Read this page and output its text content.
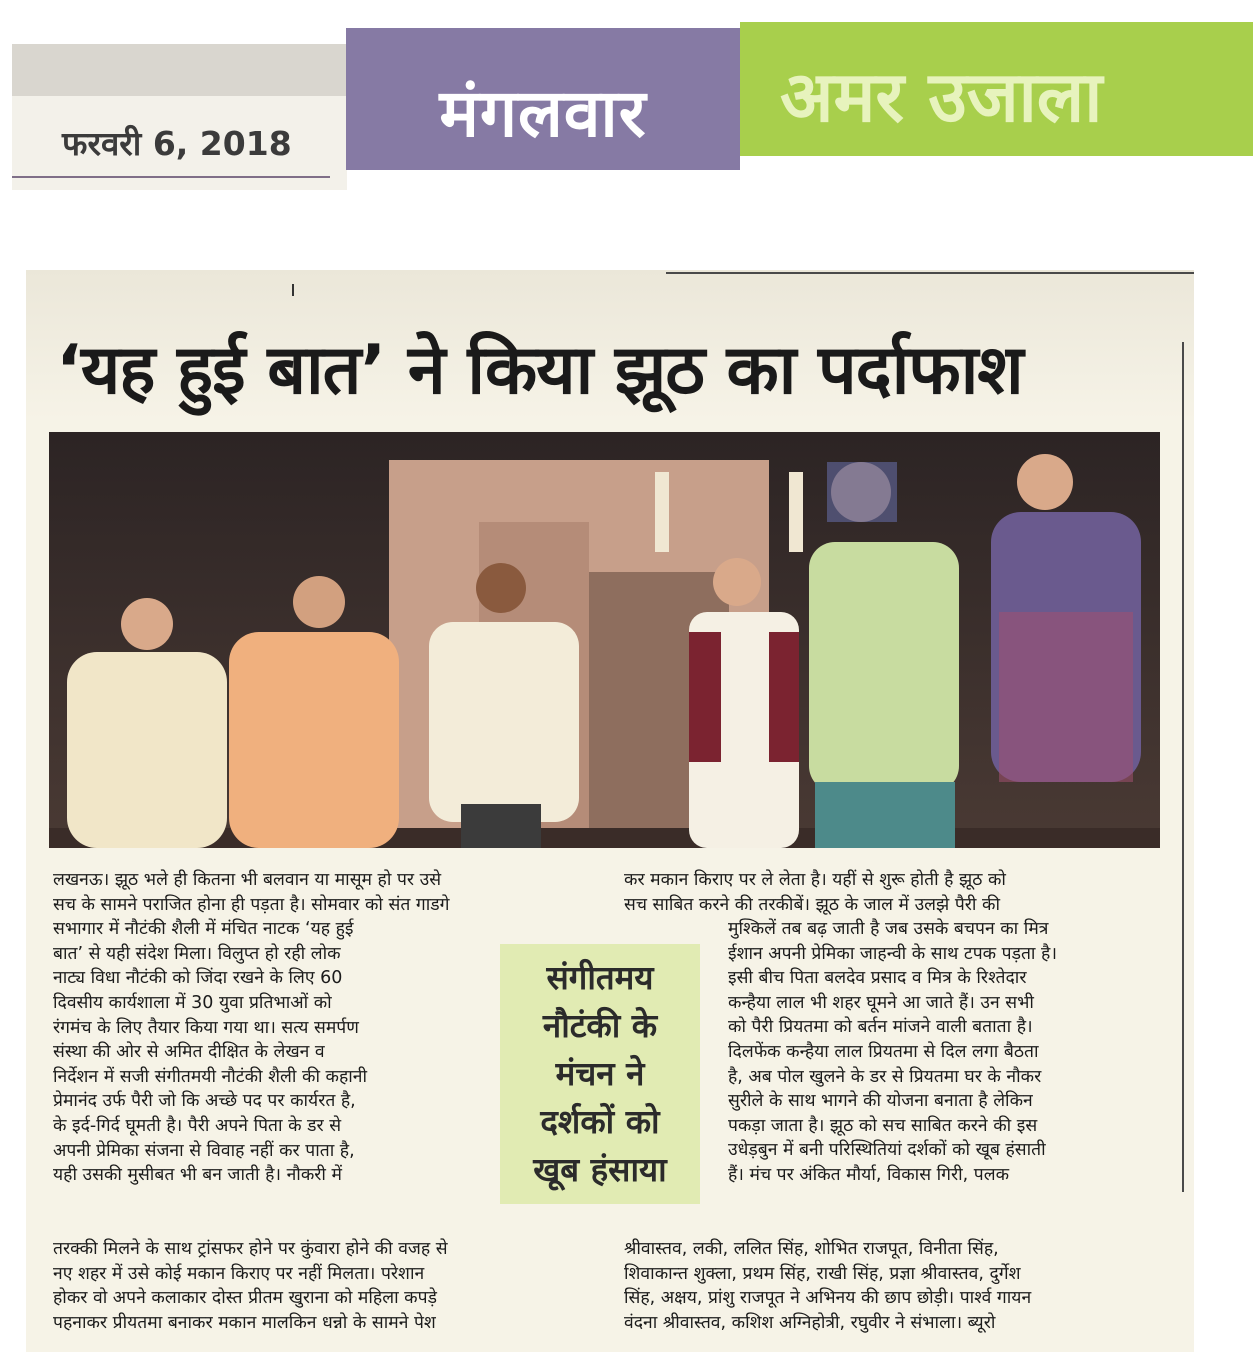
फरवरी 6, 2018	मंगलवार	अमर उजाला
‘यह हुई बात’ ने किया झूठ का पर्दाफाश
लखनऊ। झूठ भले ही कितना भी बलवान या मासूम हो पर उसे
सच के सामने पराजित होना ही पड़ता है। सोमवार को संत गाडगे
सभागार में नौटंकी शैली में मंचित नाटक ‘यह हुई
बात’ से यही संदेश मिला। विलुप्त हो रही लोक
नाट्य विधा नौटंकी को जिंदा रखने के लिए 60
दिवसीय कार्यशाला में 30 युवा प्रतिभाओं को
रंगमंच के लिए तैयार किया गया था। सत्य समर्पण
संस्था की ओर से अमित दीक्षित के लेखन व
निर्देशन में सजी संगीतमयी नौटंकी शैली की कहानी
प्रेमानंद उर्फ पैरी जो कि अच्छे पद पर कार्यरत है,
के इर्द-गिर्द घूमती है। पैरी अपने पिता के डर से
अपनी प्रेमिका संजना से विवाह नहीं कर पाता है,
यही उसकी मुसीबत भी बन जाती है। नौकरी में
तरक्की मिलने के साथ ट्रांसफर होने पर कुंवारा होने की वजह से
नए शहर में उसे कोई मकान किराए पर नहीं मिलता। परेशान
होकर वो अपने कलाकार दोस्त प्रीतम खुराना को महिला कपड़े
पहनाकर प्रीयतमा बनाकर मकान मालकिन धन्नो के सामने पेश
संगीतमय
नौटंकी के
मंचन ने
दर्शकों को
खूब हंसाया
कर मकान किराए पर ले लेता है। यहीं से शुरू होती है झूठ को
सच साबित करने की तरकीबें। झूठ के जाल में उलझे पैरी की
मुश्किलें तब बढ़ जाती है जब उसके बचपन का मित्र
ईशान अपनी प्रेमिका जाहन्वी के साथ टपक पड़ता है।
इसी बीच पिता बलदेव प्रसाद व मित्र के रिश्तेदार
कन्हैया लाल भी शहर घूमने आ जाते हैं। उन सभी
को पैरी प्रियतमा को बर्तन मांजने वाली बताता है।
दिलफेंक कन्हैया लाल प्रियतमा से दिल लगा बैठता
है, अब पोल खुलने के डर से प्रियतमा घर के नौकर
सुरीले के साथ भागने की योजना बनाता है लेकिन
पकड़ा जाता है। झूठ को सच साबित करने की इस
उधेड़बुन में बनी परिस्थितियां दर्शकों को खूब हंसाती
हैं। मंच पर अंकित मौर्या, विकास गिरी, पलक
श्रीवास्तव, लकी, ललित सिंह, शोभित राजपूत, विनीता सिंह,
शिवाकान्त शुक्ला, प्रथम सिंह, राखी सिंह, प्रज्ञा श्रीवास्तव, दुर्गेश
सिंह, अक्षय, प्रांशु राजपूत ने अभिनय की छाप छोड़ी। पार्श्व गायन
वंदना श्रीवास्तव, कशिश अग्निहोत्री, रघुवीर ने संभाला। ब्यूरो
